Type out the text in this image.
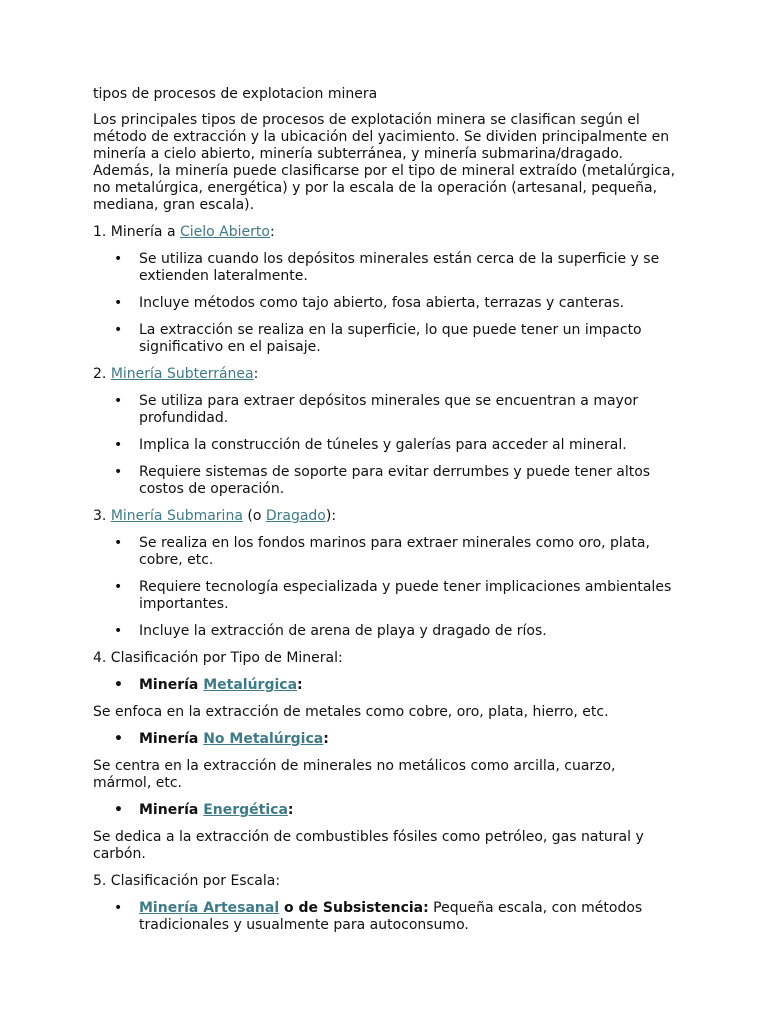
tipos de procesos de explotacion minera

Los principales tipos de procesos de explotación minera se clasifican según el método de extracción y la ubicación del yacimiento. Se dividen principalmente en minería a cielo abierto, minería subterránea, y minería submarina/dragado. Además, la minería puede clasificarse por el tipo de mineral extraído (metalúrgica, no metalúrgica, energética) y por la escala de la operación (artesanal, pequeña, mediana, gran escala).

1. Minería a Cielo Abierto:

• Se utiliza cuando los depósitos minerales están cerca de la superficie y se extienden lateralmente.
• Incluye métodos como tajo abierto, fosa abierta, terrazas y canteras.
• La extracción se realiza en la superficie, lo que puede tener un impacto significativo en el paisaje.

2. Minería Subterránea:

• Se utiliza para extraer depósitos minerales que se encuentran a mayor profundidad.
• Implica la construcción de túneles y galerías para acceder al mineral.
• Requiere sistemas de soporte para evitar derrumbes y puede tener altos costos de operación.

3. Minería Submarina (o Dragado):

• Se realiza en los fondos marinos para extraer minerales como oro, plata, cobre, etc.
• Requiere tecnología especializada y puede tener implicaciones ambientales importantes.
• Incluye la extracción de arena de playa y dragado de ríos.

4. Clasificación por Tipo de Mineral:

• Minería Metalúrgica:

Se enfoca en la extracción de metales como cobre, oro, plata, hierro, etc.

• Minería No Metalúrgica:

Se centra en la extracción de minerales no metálicos como arcilla, cuarzo, mármol, etc.

• Minería Energética:

Se dedica a la extracción de combustibles fósiles como petróleo, gas natural y carbón.

5. Clasificación por Escala:

• Minería Artesanal o de Subsistencia: Pequeña escala, con métodos tradicionales y usualmente para autoconsumo.
